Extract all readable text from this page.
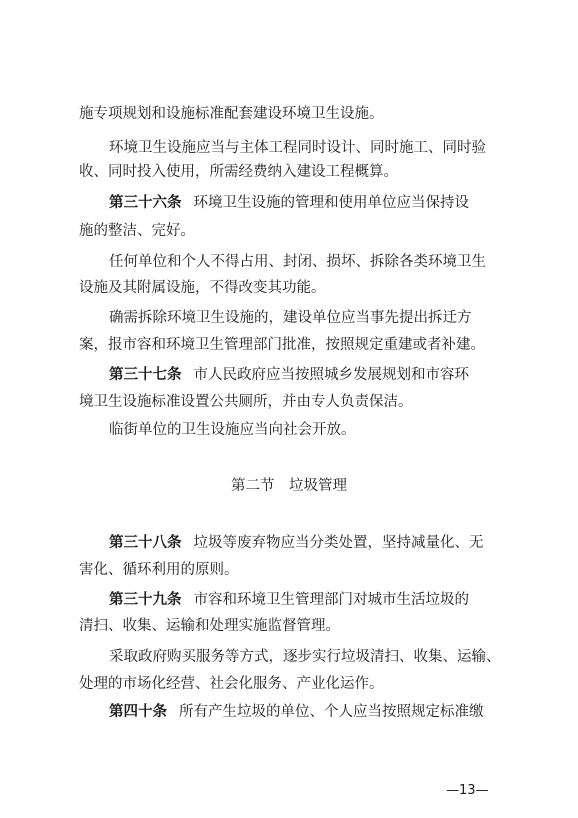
施专项规划和设施标准配套建设环境卫生设施。
环境卫生设施应当与主体工程同时设计、同时施工、同时验
收、同时投入使用，所需经费纳入建设工程概算。
第三十六条 环境卫生设施的管理和使用单位应当保持设
施的整洁、完好。
任何单位和个人不得占用、封闭、损坏、拆除各类环境卫生
设施及其附属设施，不得改变其功能。
确需拆除环境卫生设施的，建设单位应当事先提出拆迁方
案，报市容和环境卫生管理部门批准，按照规定重建或者补建。
第三十七条 市人民政府应当按照城乡发展规划和市容环
境卫生设施标准设置公共厕所，并由专人负责保洁。
临街单位的卫生设施应当向社会开放。
第二节　垃圾管理
第三十八条 垃圾等废弃物应当分类处置，坚持减量化、无
害化、循环利用的原则。
第三十九条 市容和环境卫生管理部门对城市生活垃圾的
清扫、收集、运输和处理实施监督管理。
采取政府购买服务等方式，逐步实行垃圾清扫、收集、运输、
处理的市场化经营、社会化服务、产业化运作。
第四十条 所有产生垃圾的单位、个人应当按照规定标准缴
—13—
